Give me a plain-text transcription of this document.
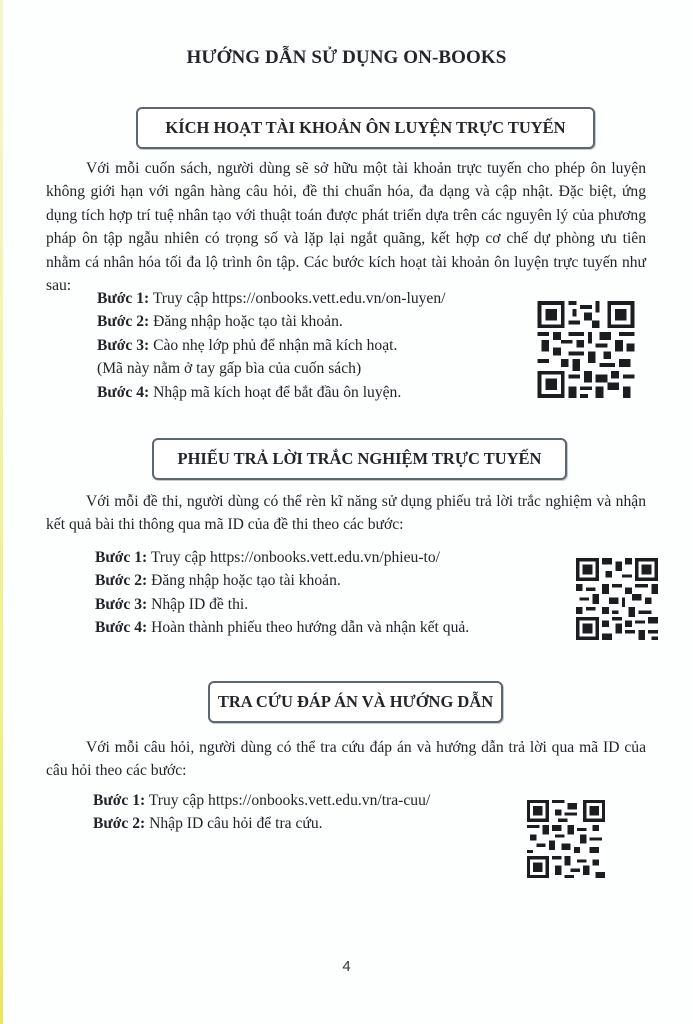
HƯỚNG DẪN SỬ DỤNG ON-BOOKS
KÍCH HOẠT TÀI KHOẢN ÔN LUYỆN TRỰC TUYẾN
Với mỗi cuốn sách, người dùng sẽ sở hữu một tài khoản trực tuyến cho phép ôn luyện không giới hạn với ngân hàng câu hỏi, đề thi chuẩn hóa, đa dạng và cập nhật. Đặc biệt, ứng dụng tích hợp trí tuệ nhân tạo với thuật toán được phát triển dựa trên các nguyên lý của phương pháp ôn tập ngẫu nhiên có trọng số và lặp lại ngắt quãng, kết hợp cơ chế dự phòng ưu tiên nhằm cá nhân hóa tối đa lộ trình ôn tập. Các bước kích hoạt tài khoản ôn luyện trực tuyến như sau:
Bước 1: Truy cập https://onbooks.vett.edu.vn/on-luyen/
Bước 2: Đăng nhập hoặc tạo tài khoản.
Bước 3: Cào nhẹ lớp phủ để nhận mã kích hoạt.
(Mã này nằm ở tay gấp bìa của cuốn sách)
Bước 4: Nhập mã kích hoạt để bắt đầu ôn luyện.
PHIẾU TRẢ LỜI TRẮC NGHIỆM TRỰC TUYẾN
Với mỗi đề thi, người dùng có thể rèn kĩ năng sử dụng phiếu trả lời trắc nghiệm và nhận kết quả bài thi thông qua mã ID của đề thi theo các bước:
Bước 1: Truy cập https://onbooks.vett.edu.vn/phieu-to/
Bước 2: Đăng nhập hoặc tạo tài khoản.
Bước 3: Nhập ID đề thi.
Bước 4: Hoàn thành phiếu theo hướng dẫn và nhận kết quả.
TRA CỨU ĐÁP ÁN VÀ HƯỚNG DẪN
Với mỗi câu hỏi, người dùng có thể tra cứu đáp án và hướng dẫn trả lời qua mã ID của câu hỏi theo các bước:
Bước 1: Truy cập https://onbooks.vett.edu.vn/tra-cuu/
Bước 2: Nhập ID câu hỏi để tra cứu.
4
